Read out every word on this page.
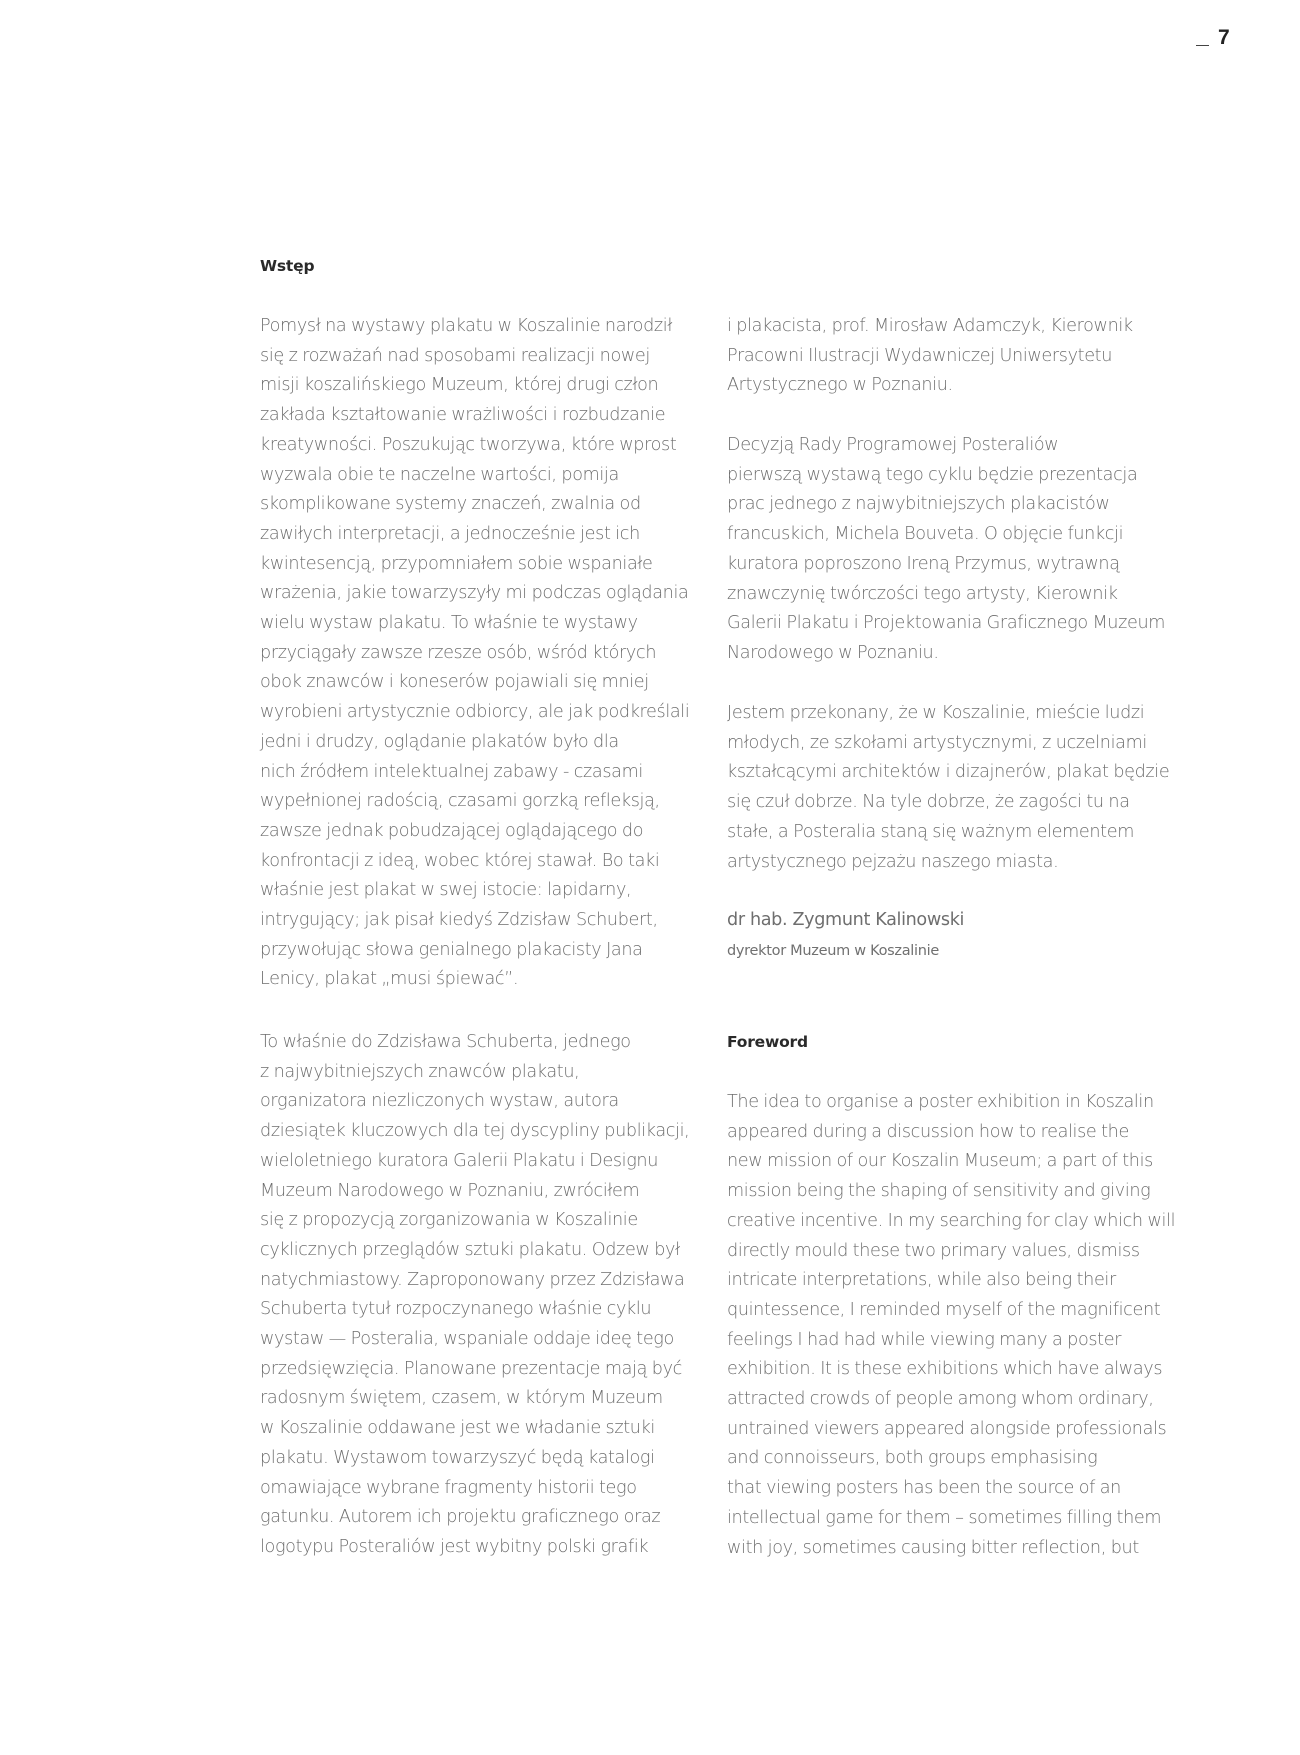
7
Wstęp
Pomysł na wystawy plakatu w Koszalinie narodził
się z rozważań nad sposobami realizacji nowej
misji koszalińskiego Muzeum, której drugi człon
zakłada kształtowanie wrażliwości i rozbudzanie
kreatywności. Poszukując tworzywa, które wprost
wyzwala obie te naczelne wartości, pomija
skomplikowane systemy znaczeń, zwalnia od
zawiłych interpretacji, a jednocześnie jest ich
kwintesencją, przypomniałem sobie wspaniałe
wrażenia, jakie towarzyszyły mi podczas oglądania
wielu wystaw plakatu. To właśnie te wystawy
przyciągały zawsze rzesze osób, wśród których
obok znawców i koneserów pojawiali się mniej
wyrobieni artystycznie odbiorcy, ale jak podkreślali
jedni i drudzy, oglądanie plakatów było dla
nich źródłem intelektualnej zabawy - czasami
wypełnionej radością, czasami gorzką refleksją,
zawsze jednak pobudzającej oglądającego do
konfrontacji z ideą, wobec której stawał. Bo taki
właśnie jest plakat w swej istocie: lapidarny,
intrygujący; jak pisał kiedyś Zdzisław Schubert,
przywołując słowa genialnego plakacisty Jana
Lenicy, plakat „musi śpiewać”.
To właśnie do Zdzisława Schuberta, jednego
z najwybitniejszych znawców plakatu,
organizatora niezliczonych wystaw, autora
dziesiątek kluczowych dla tej dyscypliny publikacji,
wieloletniego kuratora Galerii Plakatu i Designu
Muzeum Narodowego w Poznaniu, zwróciłem
się z propozycją zorganizowania w Koszalinie
cyklicznych przeglądów sztuki plakatu. Odzew był
natychmiastowy. Zaproponowany przez Zdzisława
Schuberta tytuł rozpoczynanego właśnie cyklu
wystaw — Posteralia, wspaniale oddaje ideę tego
przedsięwzięcia. Planowane prezentacje mają być
radosnym świętem, czasem, w którym Muzeum
w Koszalinie oddawane jest we władanie sztuki
plakatu. Wystawom towarzyszyć będą katalogi
omawiające wybrane fragmenty historii tego
gatunku. Autorem ich projektu graficznego oraz
logotypu Posteraliów jest wybitny polski grafik
i plakacista, prof. Mirosław Adamczyk, Kierownik
Pracowni Ilustracji Wydawniczej Uniwersytetu
Artystycznego w Poznaniu.
Decyzją Rady Programowej Posteraliów
pierwszą wystawą tego cyklu będzie prezentacja
prac jednego z najwybitniejszych plakacistów
francuskich, Michela Bouveta. O objęcie funkcji
kuratora poproszono Ireną Przymus, wytrawną
znawczynię twórczości tego artysty, Kierownik
Galerii Plakatu i Projektowania Graficznego Muzeum
Narodowego w Poznaniu.
Jestem przekonany, że w Koszalinie, mieście ludzi
młodych, ze szkołami artystycznymi, z uczelniami
kształcącymi architektów i dizajnerów, plakat będzie
się czuł dobrze. Na tyle dobrze, że zagości tu na
stałe, a Posteralia staną się ważnym elementem
artystycznego pejzażu naszego miasta.
dr hab. Zygmunt Kalinowski
dyrektor Muzeum w Koszalinie
Foreword
The idea to organise a poster exhibition in Koszalin
appeared during a discussion how to realise the
new mission of our Koszalin Museum; a part of this
mission being the shaping of sensitivity and giving
creative incentive. In my searching for clay which will
directly mould these two primary values, dismiss
intricate interpretations, while also being their
quintessence, I reminded myself of the magnificent
feelings I had had while viewing many a poster
exhibition. It is these exhibitions which have always
attracted crowds of people among whom ordinary,
untrained viewers appeared alongside professionals
and connoisseurs, both groups emphasising
that viewing posters has been the source of an
intellectual game for them – sometimes filling them
with joy, sometimes causing bitter reflection, but
